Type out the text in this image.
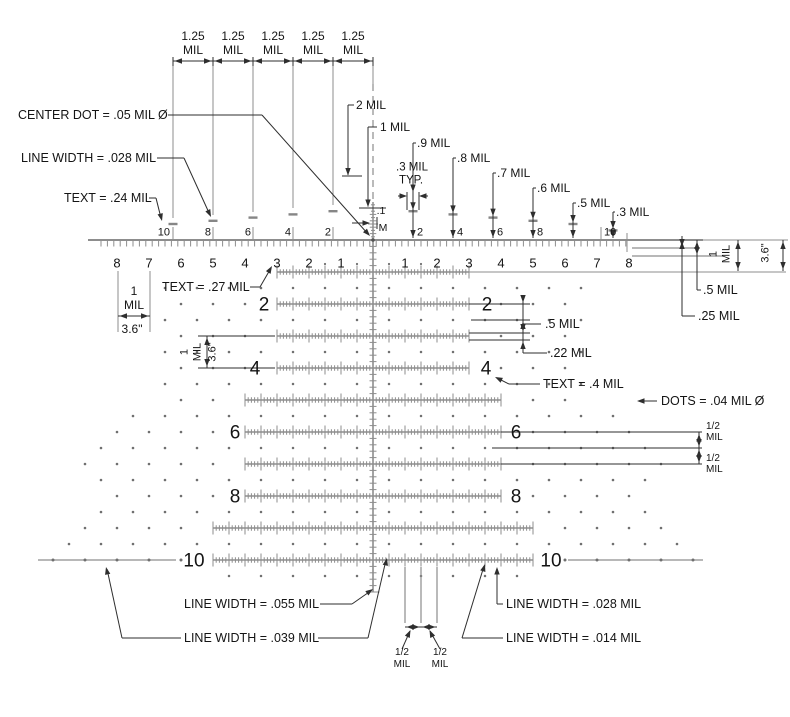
1.25
MIL
1.25
MIL
1.25
MIL
1.25
MIL
1.25
MIL
10	8	6	4	2	2	4	6	8	10
1	1
2	2
3	3
4	4
5	5
6	6
7	7
8	8
2
4
6
8
10
2
4
6
8
10
2 MIL
1 MIL
.9 MIL
.8 MIL
.7 MIL
.6 MIL
.5 MIL
.3 MIL
.3 MIL
TYP.
.1
M
CENTER DOT = .05 MIL Ø
LINE WIDTH = .028 MIL
TEXT = .24 MIL
TEXT = .27 MIL
.5 MIL
.22 MIL
TEXT = .4 MIL
DOTS = .04 MIL Ø
.5 MIL
.25 MIL
LINE WIDTH = .055 MIL
LINE WIDTH = .039 MIL
LINE WIDTH = .028 MIL
LINE WIDTH = .014 MIL
1/2
MIL
1/2
MIL
1/2
MIL
1/2
MIL
1
MIL
3.6"
1 MIL 3.6"
1 MIL 3.6"
